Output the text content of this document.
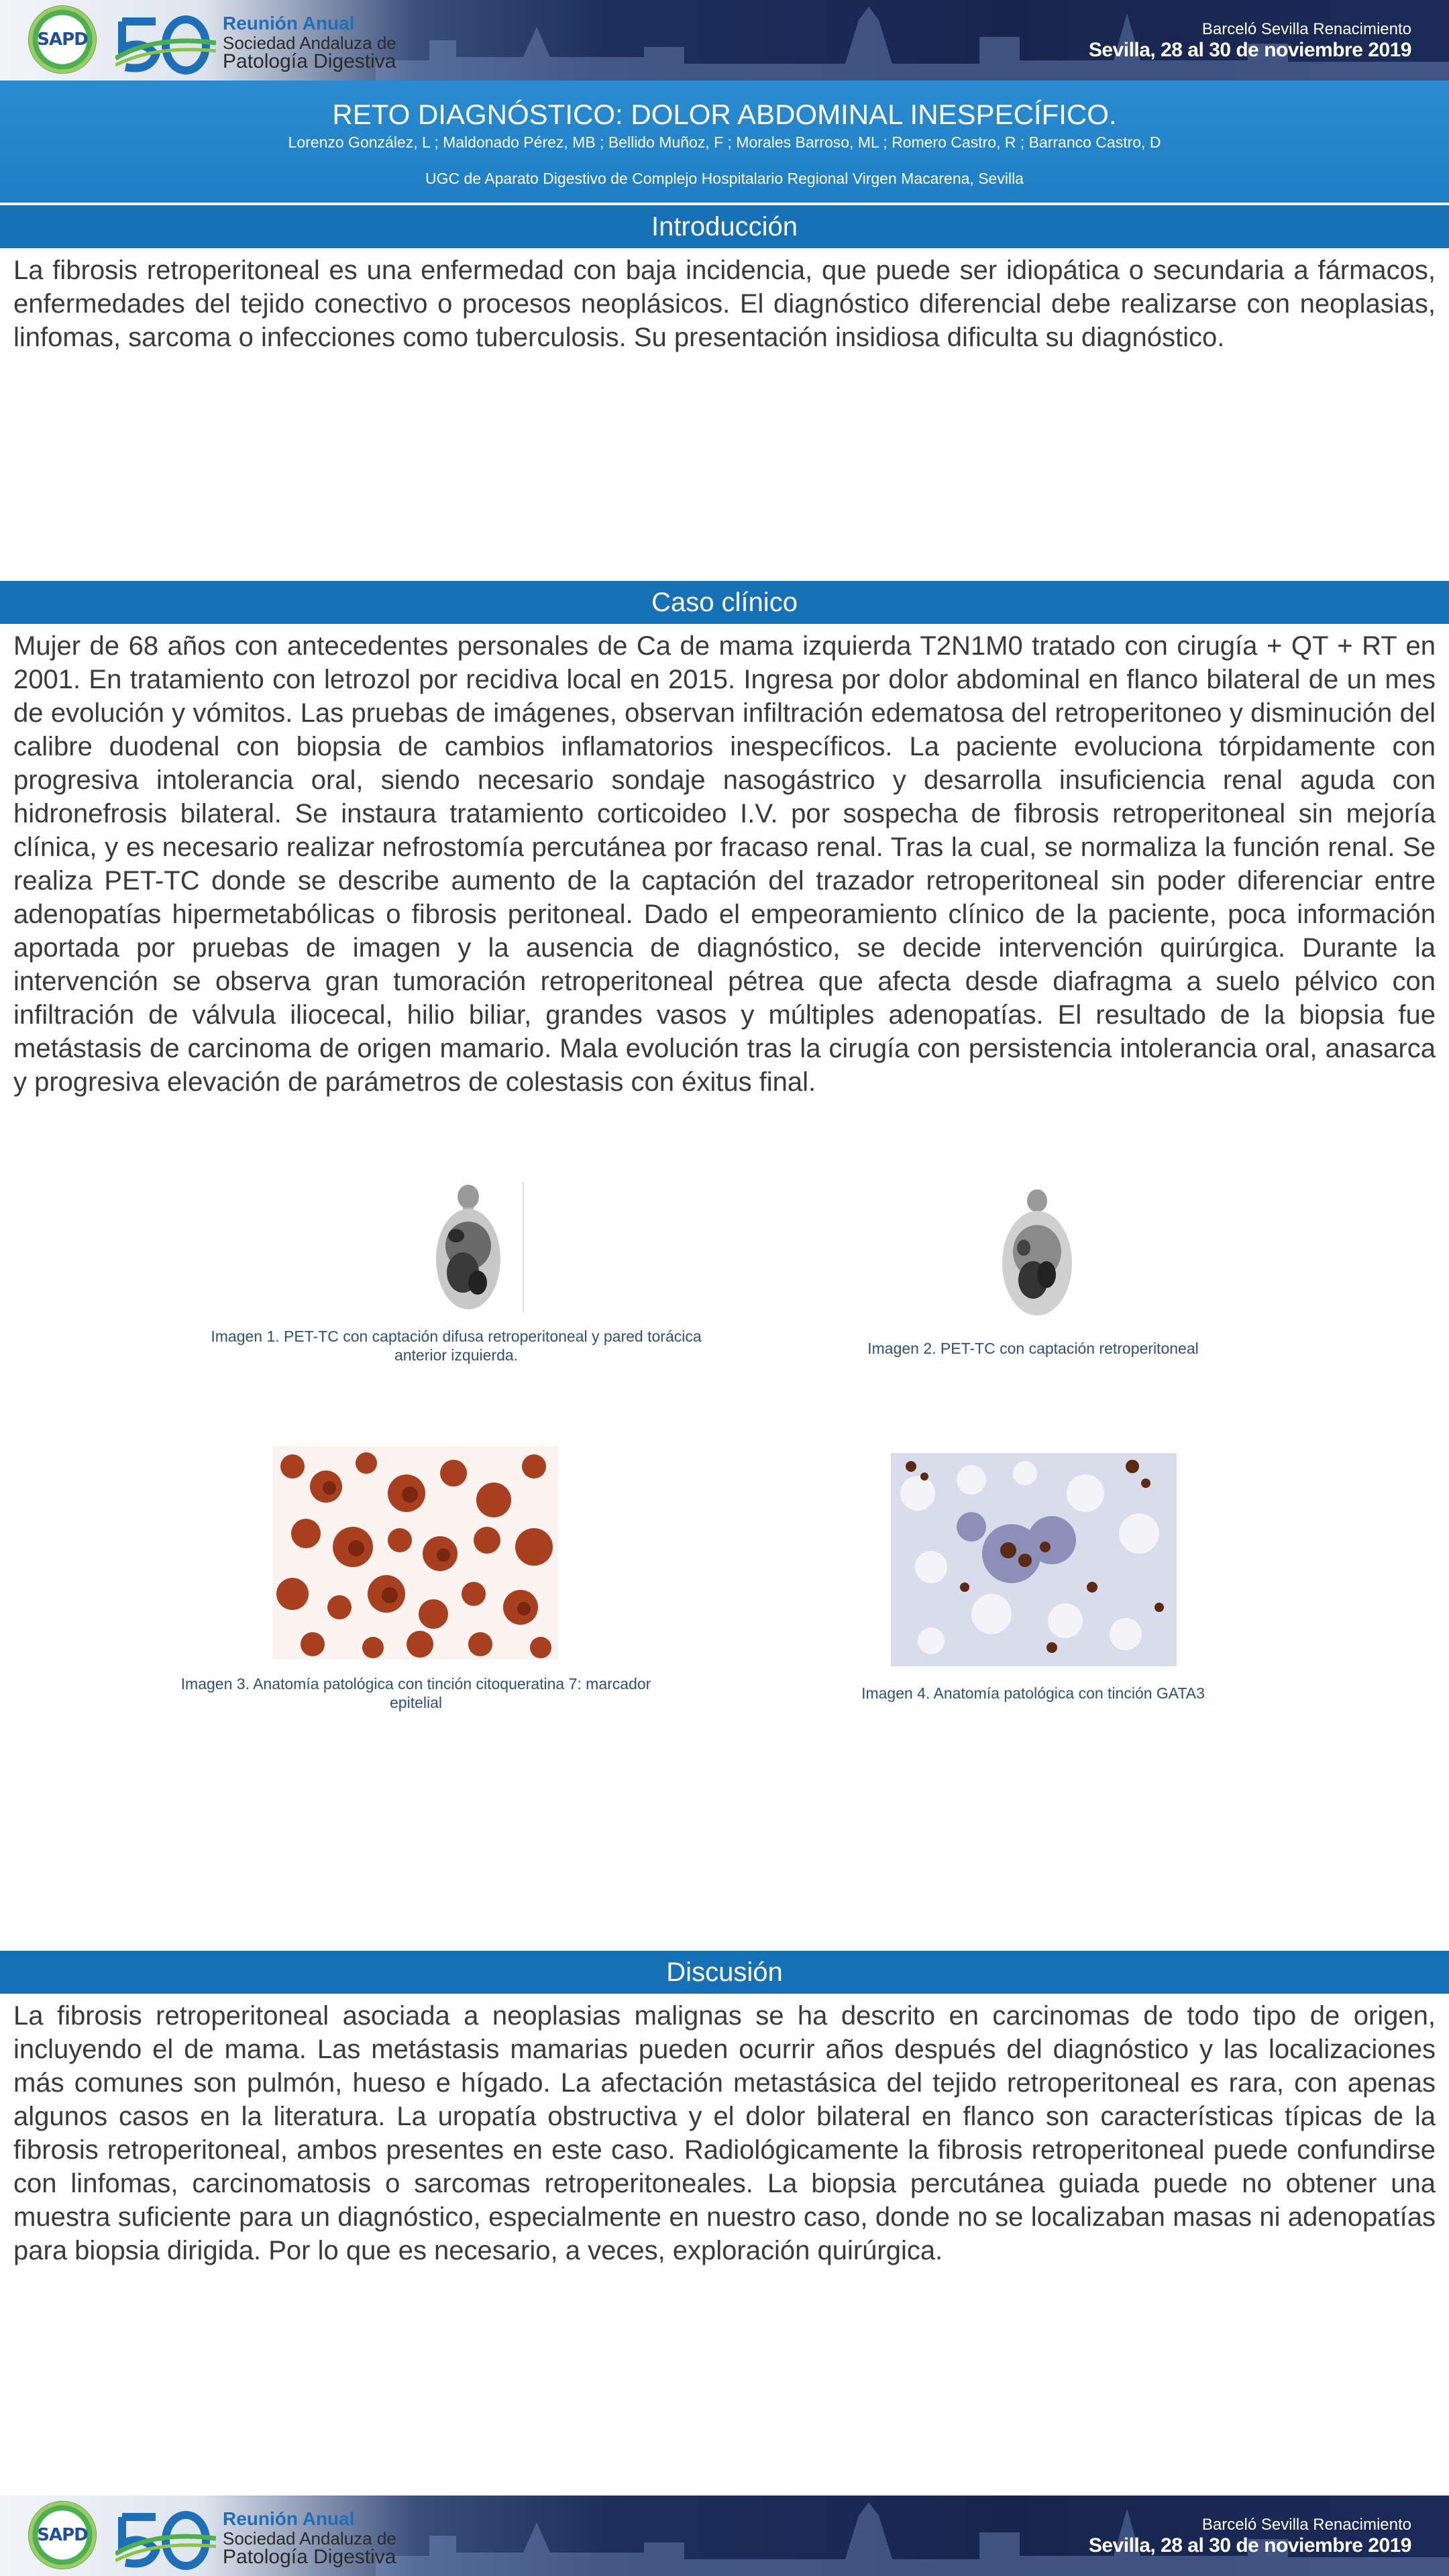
SAPD
Reunión Anual
Sociedad Andaluza de
Patología Digestiva
Barceló Sevilla Renacimiento
Sevilla, 28 al 30 de noviembre 2019
RETO DIAGNÓSTICO: DOLOR ABDOMINAL INESPECÍFICO.
Lorenzo González, L ; Maldonado Pérez, MB ; Bellido Muñoz, F ; Morales Barroso, ML ; Romero Castro, R ; Barranco Castro, D
UGC de Aparato Digestivo de Complejo Hospitalario Regional Virgen Macarena, Sevilla
Introducción

La fibrosis retroperitoneal es una enfermedad con baja incidencia, que puede ser idiopática o secundaria a fármacos, enfermedades del tejido conectivo o procesos neoplásicos. El diagnóstico diferencial debe realizarse con neoplasias, linfomas, sarcoma o infecciones como tuberculosis. Su presentación insidiosa dificulta su diagnóstico.

Caso clínico

Mujer de 68 años con antecedentes personales de Ca de mama izquierda T2N1M0 tratado con cirugía + QT + RT en 2001. En tratamiento con letrozol por recidiva local en 2015. Ingresa por dolor abdominal en flanco bilateral de un mes de evolución y vómitos. Las pruebas de imágenes, observan infiltración edematosa del retroperitoneo y disminución del calibre duodenal con biopsia de cambios inflamatorios inespecíficos. La paciente evoluciona tórpidamente con progresiva intolerancia oral, siendo necesario sondaje nasogástrico y desarrolla insuficiencia renal aguda con hidronefrosis bilateral. Se instaura tratamiento corticoideo I.V. por sospecha de fibrosis retroperitoneal sin mejoría clínica, y es necesario realizar nefrostomía percutánea por fracaso renal. Tras la cual, se normaliza la función renal. Se realiza PET-TC donde se describe aumento de la captación del trazador retroperitoneal sin poder diferenciar entre adenopatías hipermetabólicas o fibrosis peritoneal. Dado el empeoramiento clínico de la paciente, poca información aportada por pruebas de imagen y la ausencia de diagnóstico, se decide intervención quirúrgica. Durante la intervención se observa gran tumoración retroperitoneal pétrea que afecta desde diafragma a suelo pélvico con infiltración de válvula iliocecal, hilio biliar, grandes vasos y múltiples adenopatías. El resultado de la biopsia fue metástasis de carcinoma de origen mamario. Mala evolución tras la cirugía con persistencia intolerancia oral, anasarca y progresiva elevación de parámetros de colestasis con éxitus final.

Imagen 1. PET-TC con captación difusa retroperitoneal y pared torácica anterior izquierda.	Imagen 2. PET-TC con captación retroperitoneal
Imagen 3. Anatomía patológica con tinción citoqueratina 7: marcador epitelial
Imagen 4. Anatomía patológica con tinción GATA3
Discusión

La fibrosis retroperitoneal asociada a neoplasias malignas se ha descrito en carcinomas de todo tipo de origen, incluyendo el de mama. Las metástasis mamarias pueden ocurrir años después del diagnóstico y las localizaciones más comunes son pulmón, hueso e hígado. La afectación metastásica del tejido retroperitoneal es rara, con apenas algunos casos en la literatura. La uropatía obstructiva y el dolor bilateral en flanco son características típicas de la fibrosis retroperitoneal, ambos presentes en este caso. Radiológicamente la fibrosis retroperitoneal puede confundirse con linfomas, carcinomatosis o sarcomas retroperitoneales. La biopsia percutánea guiada puede no obtener una muestra suficiente para un diagnóstico, especialmente en nuestro caso, donde no se localizaban masas ni adenopatías para biopsia dirigida. Por lo que es necesario, a veces, exploración quirúrgica.

SAPD
Reunión Anual
Sociedad Andaluza de
Patología Digestiva
Barceló Sevilla Renacimiento
Sevilla, 28 al 30 de noviembre 2019
